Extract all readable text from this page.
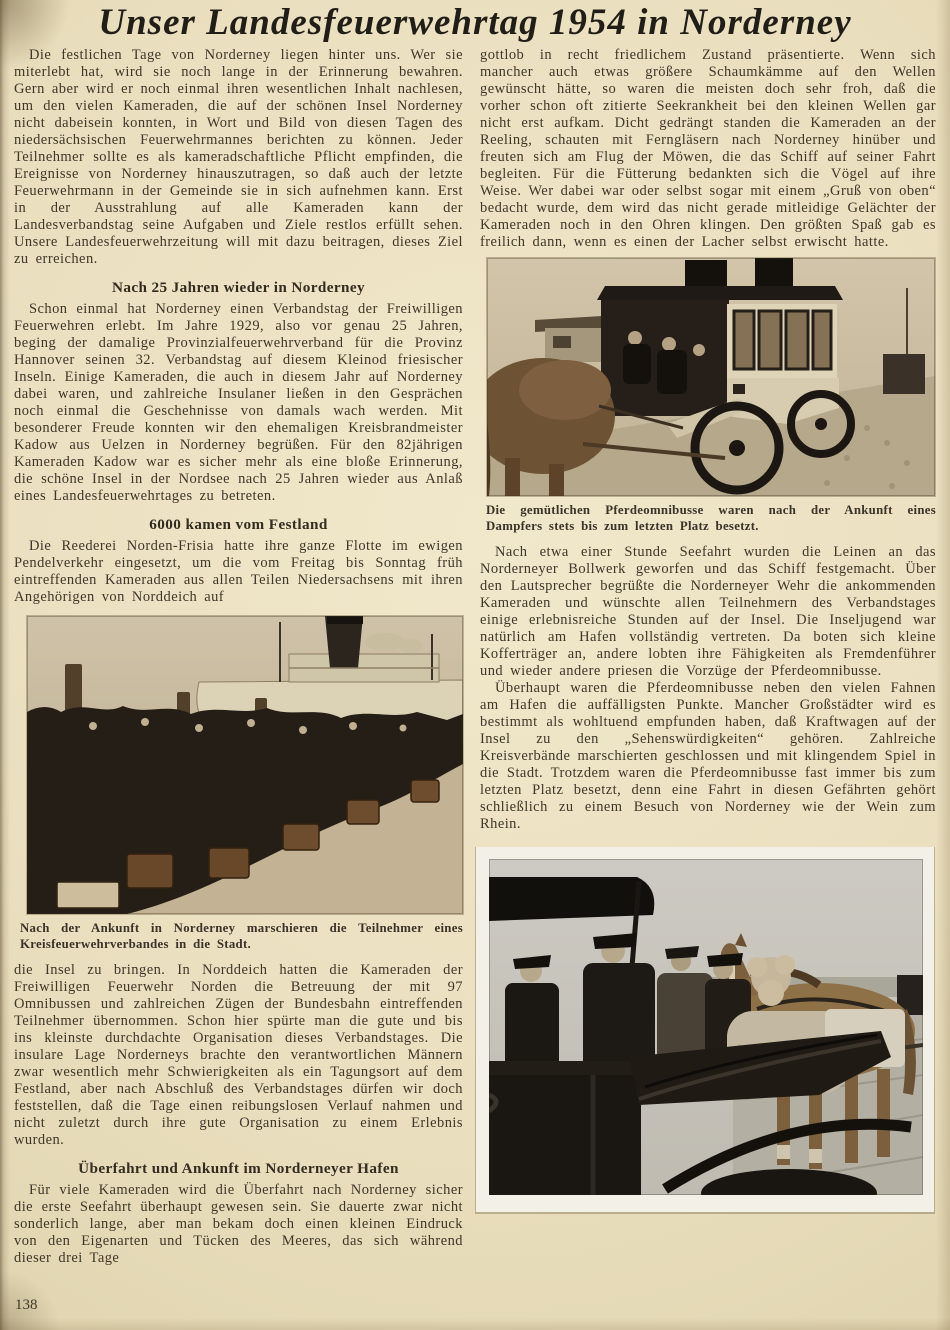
Unser Landesfeuerwehrtag 1954 in Norderney

Die festlichen Tage von Norderney liegen hinter uns. Wer sie miterlebt hat, wird sie noch lange in der Erinnerung bewahren. Gern aber wird er noch einmal ihren wesentlichen Inhalt nachlesen, um den vielen Kameraden, die auf der schönen Insel Norderney nicht dabeisein konnten, in Wort und Bild von diesen Tagen des niedersächsischen Feuerwehrmannes berichten zu können. Jeder Teilnehmer sollte es als kameradschaftliche Pflicht empfinden, die Ereignisse von Norderney hinauszutragen, so daß auch der letzte Feuerwehrmann in der Gemeinde sie in sich aufnehmen kann. Erst in der Ausstrahlung auf alle Kameraden kann der Landesverbandstag seine Aufgaben und Ziele restlos erfüllt sehen. Unsere Landesfeuerwehrzeitung will mit dazu beitragen, dieses Ziel zu erreichen.

Nach 25 Jahren wieder in Norderney

Schon einmal hat Norderney einen Verbandstag der Freiwilligen Feuerwehren erlebt. Im Jahre 1929, also vor genau 25 Jahren, beging der damalige Provinzialfeuerwehrverband für die Provinz Hannover seinen 32. Verbandstag auf diesem Kleinod friesischer Inseln. Einige Kameraden, die auch in diesem Jahr auf Norderney dabei waren, und zahlreiche Insulaner ließen in den Gesprächen noch einmal die Geschehnisse von damals wach werden. Mit besonderer Freude konnten wir den ehemaligen Kreisbrandmeister Kadow aus Uelzen in Norderney begrüßen. Für den 82jährigen Kameraden Kadow war es sicher mehr als eine bloße Erinnerung, die schöne Insel in der Nordsee nach 25 Jahren wieder aus Anlaß eines Landesfeuerwehrtages zu betreten.

6000 kamen vom Festland

Die Reederei Norden-Frisia hatte ihre ganze Flotte im ewigen Pendelverkehr eingesetzt, um die vom Freitag bis Sonntag früh eintreffenden Kameraden aus allen Teilen Niedersachsens mit ihren Angehörigen von Norddeich auf

Nach der Ankunft in Norderney marschieren die Teilnehmer eines Kreisfeuerwehrverbandes in die Stadt.

die Insel zu bringen. In Norddeich hatten die Kameraden der Freiwilligen Feuerwehr Norden die Betreuung der mit 97 Omnibussen und zahlreichen Zügen der Bundesbahn eintreffenden Teilnehmer übernommen. Schon hier spürte man die gute und bis ins kleinste durchdachte Organisation dieses Verbandstages. Die insulare Lage Norderneys brachte den verantwortlichen Männern zwar wesentlich mehr Schwierigkeiten als ein Tagungsort auf dem Festland, aber nach Abschluß des Verbandstages dürfen wir doch feststellen, daß die Tage einen reibungslosen Verlauf nahmen und nicht zuletzt durch ihre gute Organisation zu einem Erlebnis wurden.

Überfahrt und Ankunft im Norderneyer Hafen

Für viele Kameraden wird die Überfahrt nach Norderney sicher die erste Seefahrt überhaupt gewesen sein. Sie dauerte zwar nicht sonderlich lange, aber man bekam doch einen kleinen Eindruck von den Eigenarten und Tücken des Meeres, das sich während dieser drei Tage

gottlob in recht friedlichem Zustand präsentierte. Wenn sich mancher auch etwas größere Schaumkämme auf den Wellen gewünscht hätte, so waren die meisten doch sehr froh, daß die vorher schon oft zitierte Seekrankheit bei den kleinen Wellen gar nicht erst aufkam. Dicht gedrängt standen die Kameraden an der Reeling, schauten mit Ferngläsern nach Norderney hinüber und freuten sich am Flug der Möwen, die das Schiff auf seiner Fahrt begleiten. Für die Fütterung bedankten sich die Vögel auf ihre Weise. Wer dabei war oder selbst sogar mit einem „Gruß von oben“ bedacht wurde, dem wird das nicht gerade mitleidige Gelächter der Kameraden noch in den Ohren klingen. Den größten Spaß gab es freilich dann, wenn es einen der Lacher selbst erwischt hatte.

Die gemütlichen Pferdeomnibusse waren nach der Ankunft eines Dampfers stets bis zum letzten Platz besetzt.

Nach etwa einer Stunde Seefahrt wurden die Leinen an das Norderneyer Bollwerk geworfen und das Schiff festgemacht. Über den Lautsprecher begrüßte die Norderneyer Wehr die ankommenden Kameraden und wünschte allen Teilnehmern des Verbandstages einige erlebnisreiche Stunden auf der Insel. Die Inseljugend war natürlich am Hafen vollständig vertreten. Da boten sich kleine Kofferträger an, andere lobten ihre Fähigkeiten als Fremdenführer und wieder andere priesen die Vorzüge der Pferdeomnibusse.

Überhaupt waren die Pferdeomnibusse neben den vielen Fahnen am Hafen die auffälligsten Punkte. Mancher Großstädter wird es bestimmt als wohltuend empfunden haben, daß Kraftwagen auf der Insel zu den „Sehenswürdigkeiten“ gehören. Zahlreiche Kreisverbände marschierten geschlossen und mit klingendem Spiel in die Stadt. Trotzdem waren die Pferdeomnibusse fast immer bis zum letzten Platz besetzt, denn eine Fahrt in diesen Gefährten gehört schließlich zu einem Besuch von Norderney wie der Wein zum Rhein.

138
